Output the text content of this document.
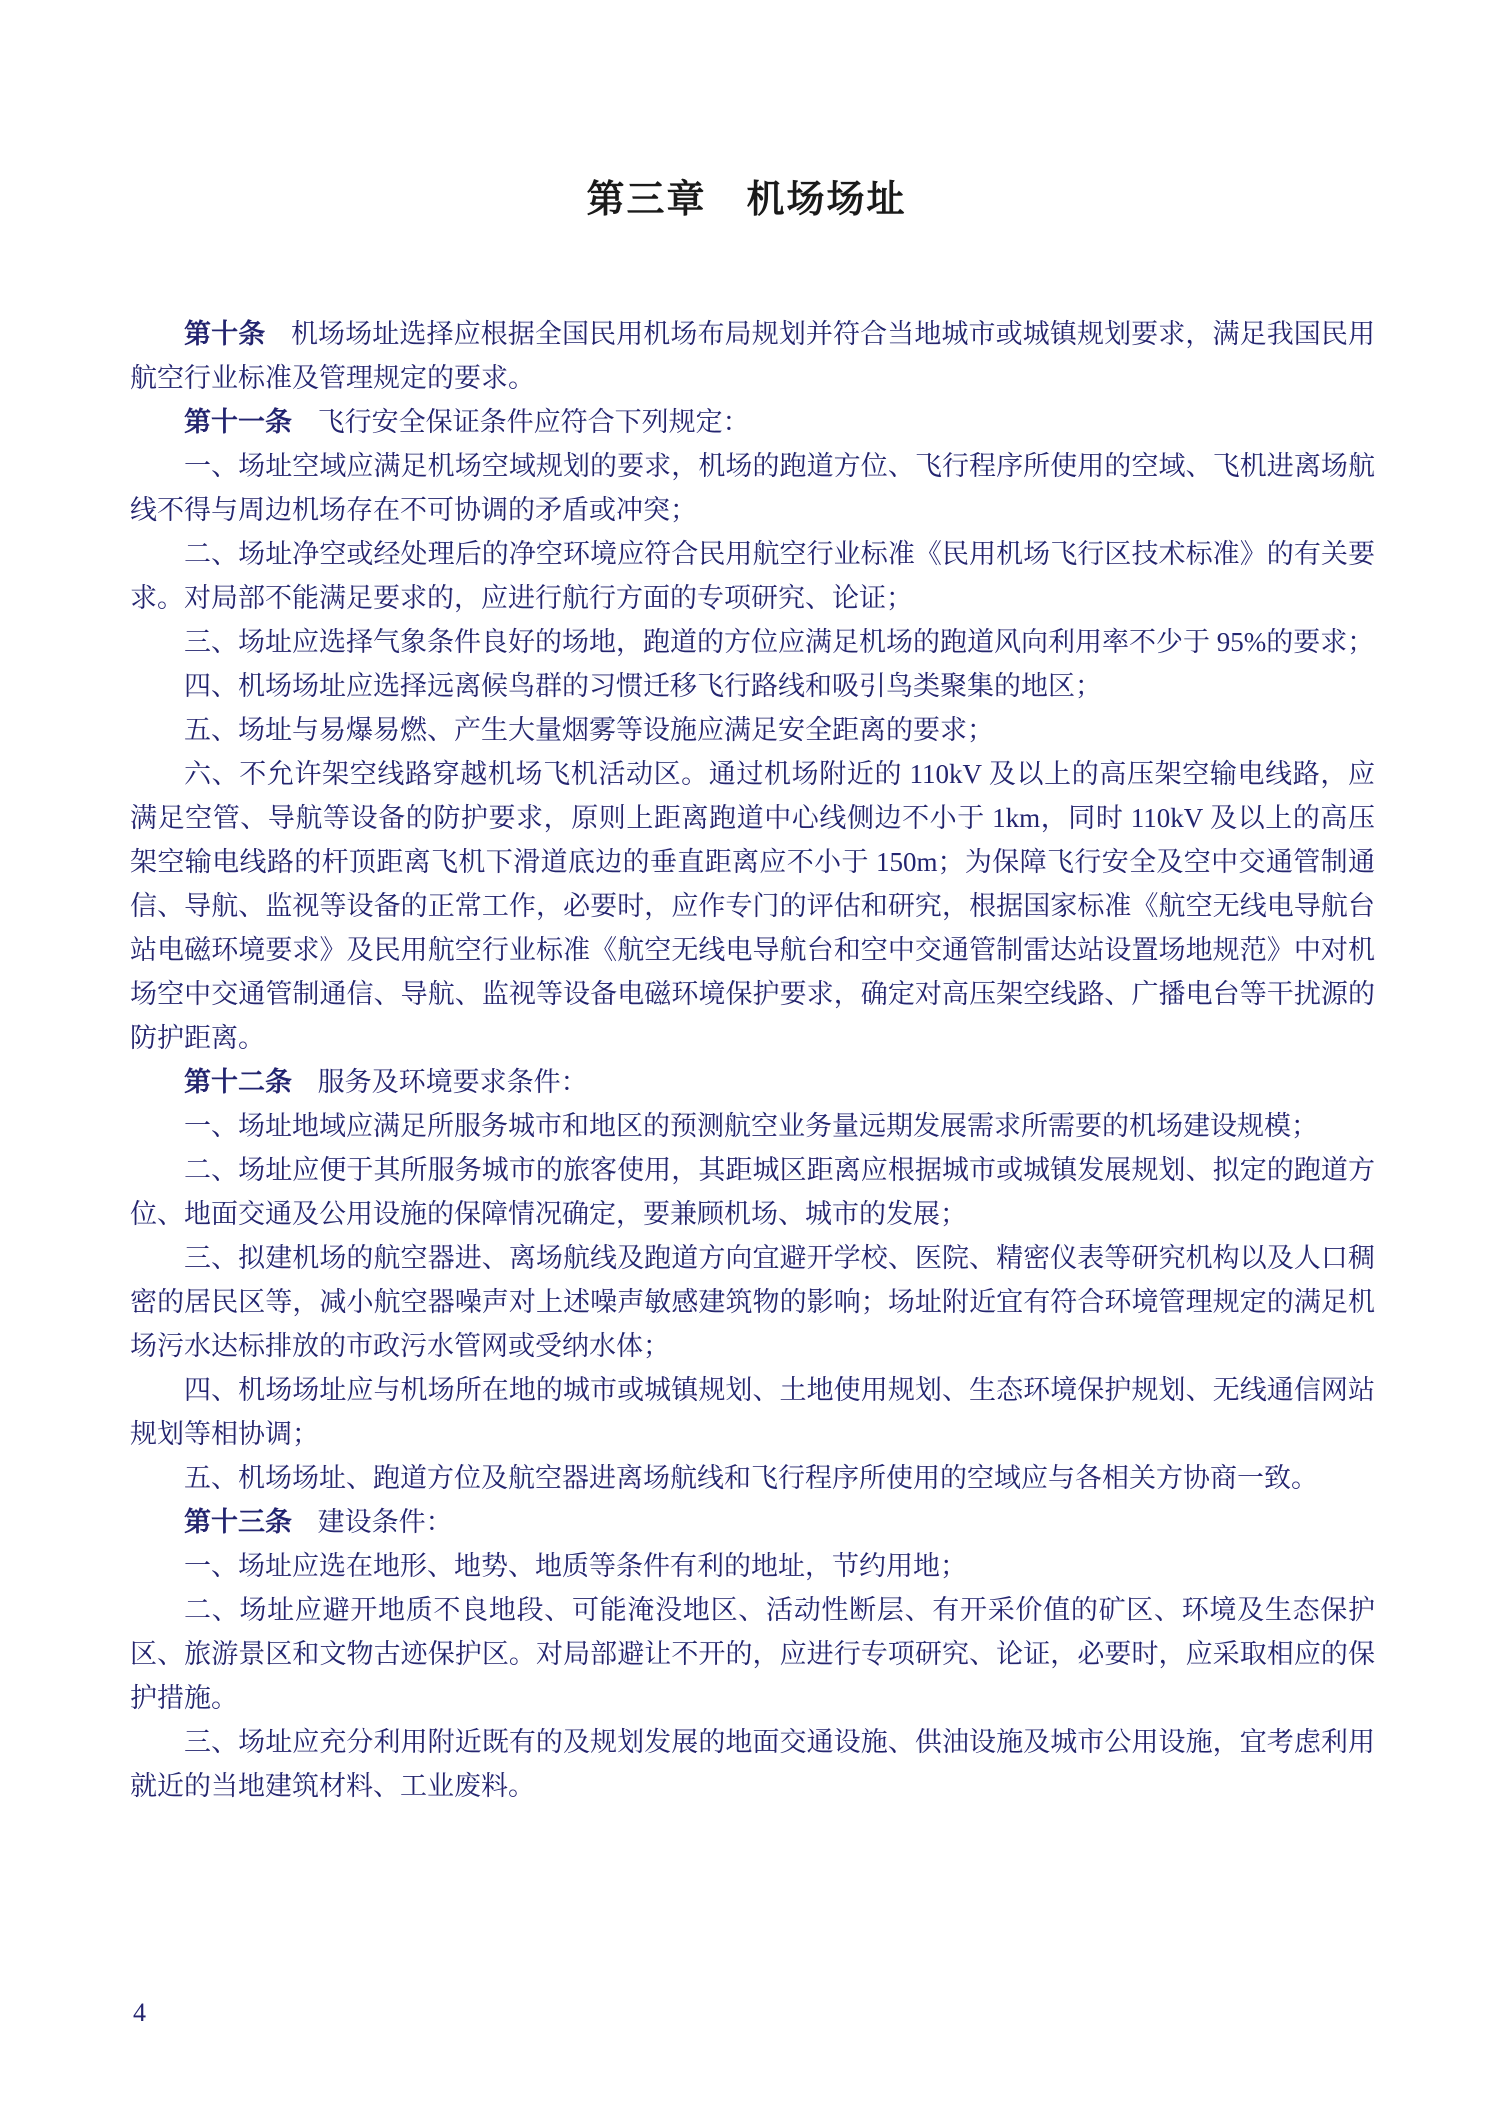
第三章　机场场址

第十条 机场场址选择应根据全国民用机场布局规划并符合当地城市或城镇规划要求，满足我国民用航空行业标准及管理规定的要求。

第十一条 飞行安全保证条件应符合下列规定：

一、场址空域应满足机场空域规划的要求，机场的跑道方位、飞行程序所使用的空域、飞机进离场航线不得与周边机场存在不可协调的矛盾或冲突；

二、场址净空或经处理后的净空环境应符合民用航空行业标准《民用机场飞行区技术标准》的有关要求。对局部不能满足要求的，应进行航行方面的专项研究、论证；

三、场址应选择气象条件良好的场地，跑道的方位应满足机场的跑道风向利用率不少于 95%的要求；

四、机场场址应选择远离候鸟群的习惯迁移飞行路线和吸引鸟类聚集的地区；

五、场址与易爆易燃、产生大量烟雾等设施应满足安全距离的要求；

六、不允许架空线路穿越机场飞机活动区。通过机场附近的 110kV 及以上的高压架空输电线路，应满足空管、导航等设备的防护要求，原则上距离跑道中心线侧边不小于 1km，同时 110kV 及以上的高压架空输电线路的杆顶距离飞机下滑道底边的垂直距离应不小于 150m；为保障飞行安全及空中交通管制通信、导航、监视等设备的正常工作，必要时，应作专门的评估和研究，根据国家标准《航空无线电导航台站电磁环境要求》及民用航空行业标准《航空无线电导航台和空中交通管制雷达站设置场地规范》中对机场空中交通管制通信、导航、监视等设备电磁环境保护要求，确定对高压架空线路、广播电台等干扰源的防护距离。

第十二条 服务及环境要求条件：

一、场址地域应满足所服务城市和地区的预测航空业务量远期发展需求所需要的机场建设规模；

二、场址应便于其所服务城市的旅客使用，其距城区距离应根据城市或城镇发展规划、拟定的跑道方位、地面交通及公用设施的保障情况确定，要兼顾机场、城市的发展；

三、拟建机场的航空器进、离场航线及跑道方向宜避开学校、医院、精密仪表等研究机构以及人口稠密的居民区等，减小航空器噪声对上述噪声敏感建筑物的影响；场址附近宜有符合环境管理规定的满足机场污水达标排放的市政污水管网或受纳水体；

四、机场场址应与机场所在地的城市或城镇规划、土地使用规划、生态环境保护规划、无线通信网站规划等相协调；

五、机场场址、跑道方位及航空器进离场航线和飞行程序所使用的空域应与各相关方协商一致。

第十三条 建设条件：

一、场址应选在地形、地势、地质等条件有利的地址，节约用地；

二、场址应避开地质不良地段、可能淹没地区、活动性断层、有开采价值的矿区、环境及生态保护区、旅游景区和文物古迹保护区。对局部避让不开的，应进行专项研究、论证，必要时，应采取相应的保护措施。

三、场址应充分利用附近既有的及规划发展的地面交通设施、供油设施及城市公用设施，宜考虑利用就近的当地建筑材料、工业废料。

4
